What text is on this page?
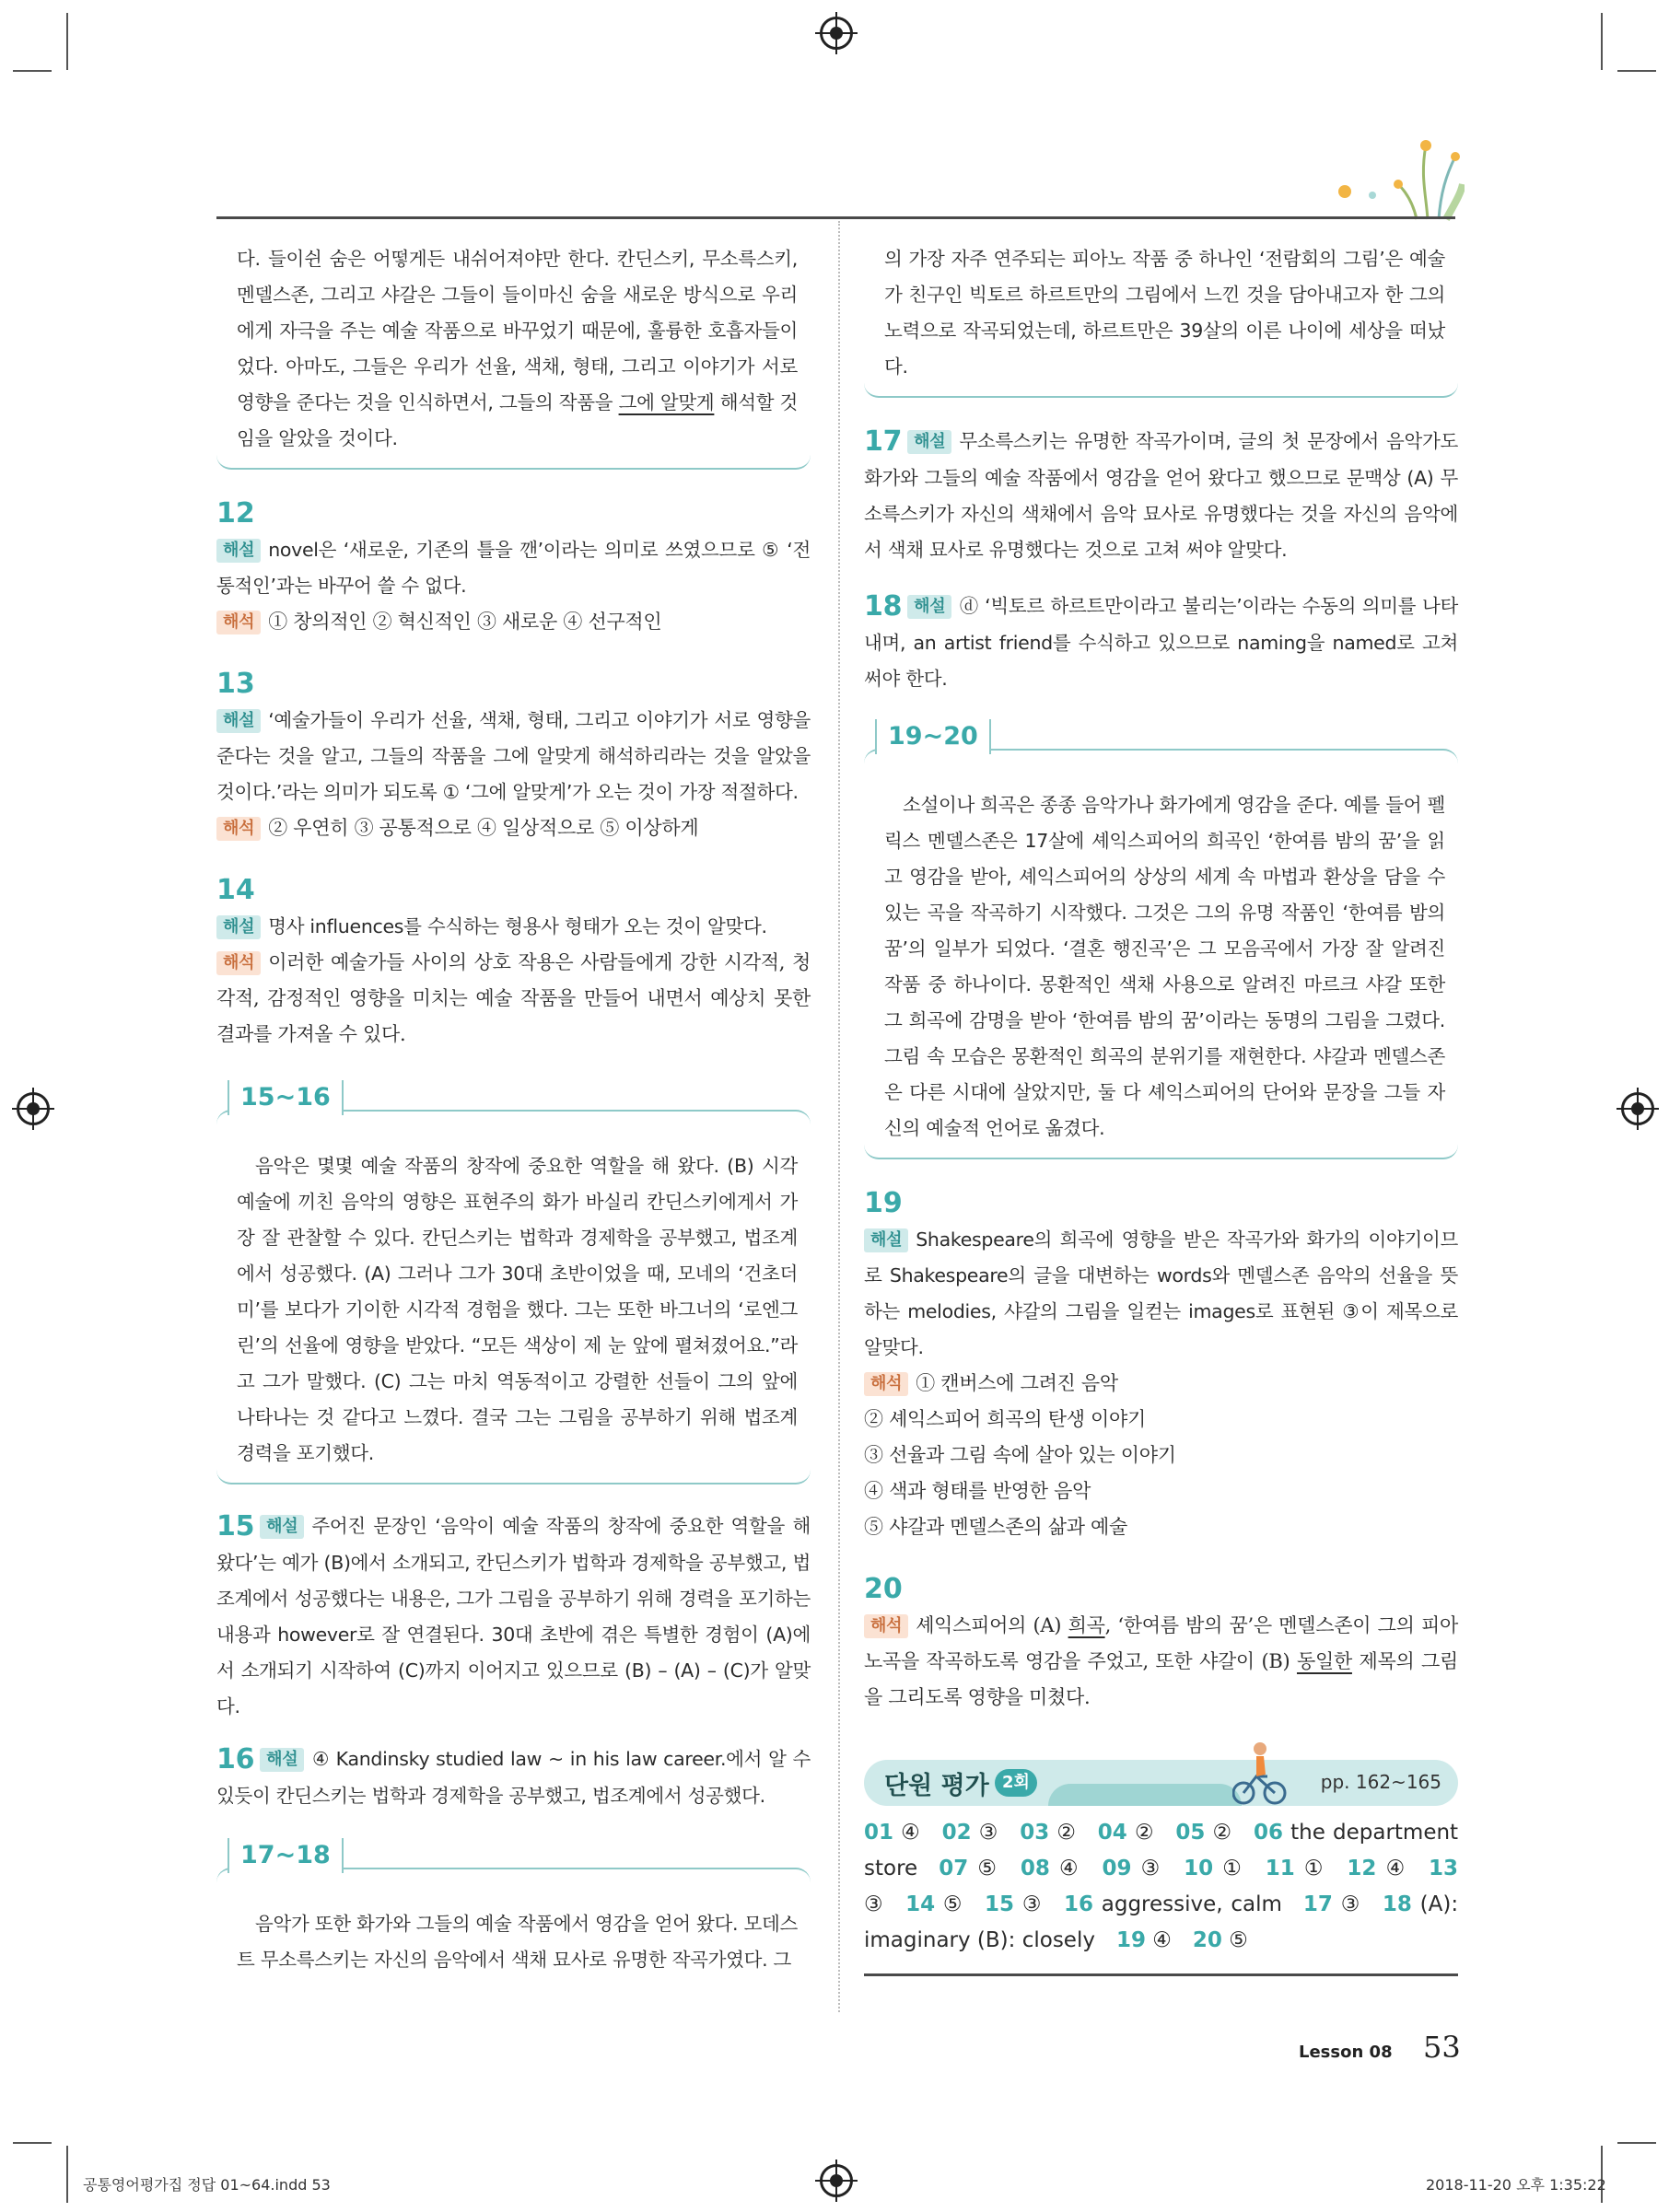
다. 들이쉰 숨은 어떻게든 내쉬어져야만 한다. 칸딘스키, 무소륵스키, 멘델스존, 그리고 샤갈은 그들이 들이마신 숨을 새로운 방식으로 우리에게 자극을 주는 예술 작품으로 바꾸었기 때문에, 훌륭한 호흡자들이었다. 아마도, 그들은 우리가 선율, 색채, 형태, 그리고 이야기가 서로 영향을 준다는 것을 인식하면서, 그들의 작품을 그에 알맞게 해석할 것임을 알았을 것이다.

12

해설 novel은 ‘새로운, 기존의 틀을 깬’이라는 의미로 쓰였으므로 ⑤ ‘전통적인’과는 바꾸어 쓸 수 없다.

해석 ① 창의적인 ② 혁신적인 ③ 새로운 ④ 선구적인

13

해설 ‘예술가들이 우리가 선율, 색채, 형태, 그리고 이야기가 서로 영향을 준다는 것을 알고, 그들의 작품을 그에 알맞게 해석하리라는 것을 알았을 것이다.’라는 의미가 되도록 ① ‘그에 알맞게’가 오는 것이 가장 적절하다.

해석 ② 우연히 ③ 공통적으로 ④ 일상적으로 ⑤ 이상하게

14

해설 명사 influences를 수식하는 형용사 형태가 오는 것이 알맞다.

해석 이러한 예술가들 사이의 상호 작용은 사람들에게 강한 시각적, 청각적, 감정적인 영향을 미치는 예술 작품을 만들어 내면서 예상치 못한 결과를 가져올 수 있다.

15~16

음악은 몇몇 예술 작품의 창작에 중요한 역할을 해 왔다. (B) 시각 예술에 끼친 음악의 영향은 표현주의 화가 바실리 칸딘스키에게서 가장 잘 관찰할 수 있다. 칸딘스키는 법학과 경제학을 공부했고, 법조계에서 성공했다. (A) 그러나 그가 30대 초반이었을 때, 모네의 ‘건초더미’를 보다가 기이한 시각적 경험을 했다. 그는 또한 바그너의 ‘로엔그린’의 선율에 영향을 받았다. “모든 색상이 제 눈 앞에 펼쳐졌어요.”라고 그가 말했다. (C) 그는 마치 역동적이고 강렬한 선들이 그의 앞에 나타나는 것 같다고 느꼈다. 결국 그는 그림을 공부하기 위해 법조계 경력을 포기했다.

15 해설 주어진 문장인 ‘음악이 예술 작품의 창작에 중요한 역할을 해 왔다’는 예가 (B)에서 소개되고, 칸딘스키가 법학과 경제학을 공부했고, 법조계에서 성공했다는 내용은, 그가 그림을 공부하기 위해 경력을 포기하는 내용과 however로 잘 연결된다. 30대 초반에 겪은 특별한 경험이 (A)에서 소개되기 시작하여 (C)까지 이어지고 있으므로 (B) – (A) – (C)가 알맞다.

16 해설 ④ Kandinsky studied law ~ in his law career.에서 알 수 있듯이 칸딘스키는 법학과 경제학을 공부했고, 법조계에서 성공했다.

17~18

음악가 또한 화가와 그들의 예술 작품에서 영감을 얻어 왔다. 모데스트 무소륵스키는 자신의 음악에서 색채 묘사로 유명한 작곡가였다. 그

의 가장 자주 연주되는 피아노 작품 중 하나인 ‘전람회의 그림’은 예술가 친구인 빅토르 하르트만의 그림에서 느낀 것을 담아내고자 한 그의 노력으로 작곡되었는데, 하르트만은 39살의 이른 나이에 세상을 떠났다.

17 해설 무소륵스키는 유명한 작곡가이며, 글의 첫 문장에서 음악가도 화가와 그들의 예술 작품에서 영감을 얻어 왔다고 했으므로 문맥상 (A) 무소륵스키가 자신의 색채에서 음악 묘사로 유명했다는 것을 자신의 음악에서 색채 묘사로 유명했다는 것으로 고쳐 써야 알맞다.

18 해설 ⓓ ‘빅토르 하르트만이라고 불리는’이라는 수동의 의미를 나타내며, an artist friend를 수식하고 있으므로 naming을 named로 고쳐 써야 한다.

19~20

소설이나 희곡은 종종 음악가나 화가에게 영감을 준다. 예를 들어 펠릭스 멘델스존은 17살에 셰익스피어의 희곡인 ‘한여름 밤의 꿈’을 읽고 영감을 받아, 셰익스피어의 상상의 세계 속 마법과 환상을 담을 수 있는 곡을 작곡하기 시작했다. 그것은 그의 유명 작품인 ‘한여름 밤의 꿈’의 일부가 되었다. ‘결혼 행진곡’은 그 모음곡에서 가장 잘 알려진 작품 중 하나이다. 몽환적인 색채 사용으로 알려진 마르크 샤갈 또한 그 희곡에 감명을 받아 ‘한여름 밤의 꿈’이라는 동명의 그림을 그렸다. 그림 속 모습은 몽환적인 희곡의 분위기를 재현한다. 샤갈과 멘델스존은 다른 시대에 살았지만, 둘 다 셰익스피어의 단어와 문장을 그들 자신의 예술적 언어로 옮겼다.

19

해설 Shakespeare의 희곡에 영향을 받은 작곡가와 화가의 이야기이므로 Shakespeare의 글을 대변하는 words와 멘델스존 음악의 선율을 뜻하는 melodies, 샤갈의 그림을 일컫는 images로 표현된 ③이 제목으로 알맞다.

해석 ① 캔버스에 그려진 음악

② 셰익스피어 희곡의 탄생 이야기

③ 선율과 그림 속에 살아 있는 이야기

④ 색과 형태를 반영한 음악

⑤ 샤갈과 멘델스존의 삶과 예술

20

해석 셰익스피어의 (A) 희곡, ‘한여름 밤의 꿈’은 멘델스존이 그의 피아노곡을 작곡하도록 영감을 주었고, 또한 샤갈이 (B) 동일한 제목의 그림을 그리도록 영향을 미쳤다.

단원 평가 2회	pp. 162~165
01 ④  02 ③  03 ②  04 ②  05 ②  06 the department store  07 ⑤  08 ④  09 ③  10 ①  11 ①  12 ④  13 ③  14 ⑤  15 ③  16 aggressive, calm  17 ③  18 (A): imaginary (B): closely  19 ④  20 ⑤ 
Lesson 08 53
공통영어평가집 정답 01~64.indd 53	2018-11-20 오후 1:35:22
